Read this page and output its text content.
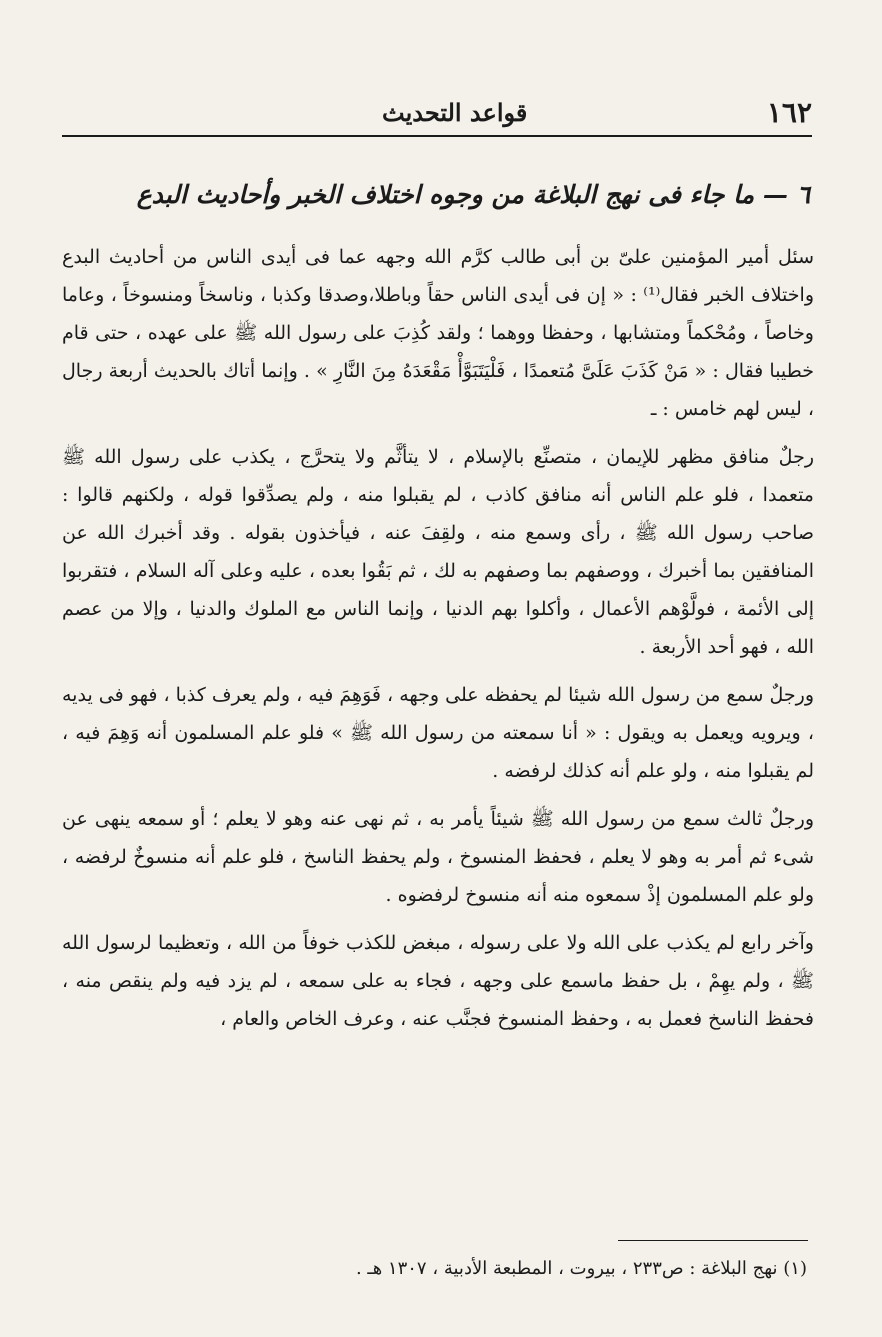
١٦٢
قواعد التحديث
٦ — ما جاء فى نهج البلاغة من وجوه اختلاف الخبر وأحاديث البدع

سئل أمير المؤمنين علىّ بن أبى طالب كرَّم الله وجهه عما فى أيدى الناس من أحاديث البدع واختلاف الخبر فقال⁽¹⁾ : « إن فى أيدى الناس حقاً وباطلا،وصدقا وكذبا ، وناسخاً ومنسوخاً ، وعاما وخاصاً ، ومُحْكماً ومتشابها ، وحفظا ووهما ؛ ولقد كُذِبَ على رسول الله ﷺ على عهده ، حتى قام خطيبا فقال : « مَنْ كَذَبَ عَلَىَّ مُتعمدًا ، فَلْيَتَبَوَّأْ مَقْعَدَهُ مِنَ النَّارِ » . وإنما أتاك بالحديث أربعة رجال ، ليس لهم خامس : ـ

رجلٌ منافق مظهر للإيمان ، متصنِّع بالإسلام ، لا يتأثَّم ولا يتحرَّج ، يكذب على رسول الله ﷺ متعمدا ، فلو علم الناس أنه منافق كاذب ، لم يقبلوا منه ، ولم يصدِّقوا قوله ، ولكنهم قالوا : صاحب رسول الله ﷺ ، رأى وسمع منه ، ولقِفَ عنه ، فيأخذون بقوله . وقد أخبرك الله عن المنافقين بما أخبرك ، ووصفهم بما وصفهم به لك ، ثم بَقُوا بعده ، عليه وعلى آله السلام ، فتقربوا إلى الأئمة ، فولَّوْهم الأعمال ، وأكلوا بهم الدنيا ، وإنما الناس مع الملوك والدنيا ، وإلا من عصم الله ، فهو أحد الأربعة .

ورجلٌ سمع من رسول الله شيئا لم يحفظه على وجهه ، فَوَهِمَ فيه ، ولم يعرف كذبا ، فهو فى يديه ، ويرويه ويعمل به ويقول : « أنا سمعته من رسول الله ﷺ » فلو علم المسلمون أنه وَهِمَ فيه ، لم يقبلوا منه ، ولو علم أنه كذلك لرفضه .

ورجلٌ ثالث سمع من رسول الله ﷺ شيئاً يأمر به ، ثم نهى عنه وهو لا يعلم ؛ أو سمعه ينهى عن شىء ثم أمر به وهو لا يعلم ، فحفظ المنسوخ ، ولم يحفظ الناسخ ، فلو علم أنه منسوخٌ لرفضه ، ولو علم المسلمون إذْ سمعوه منه أنه منسوخ لرفضوه .

وآخر رابع لم يكذب على الله ولا على رسوله ، مبغض للكذب خوفاً من الله ، وتعظيما لرسول الله ﷺ ، ولم يهِمْ ، بل حفظ ماسمع على وجهه ، فجاء به على سمعه ، لم يزد فيه ولم ينقص منه ، فحفظ الناسخ فعمل به ، وحفظ المنسوخ فجنَّب عنه ، وعرف الخاص والعام ،

(١) نهج البلاغة : ص٢٣٣ ، بيروت ، المطبعة الأدبية ، ١٣٠٧ هـ .
